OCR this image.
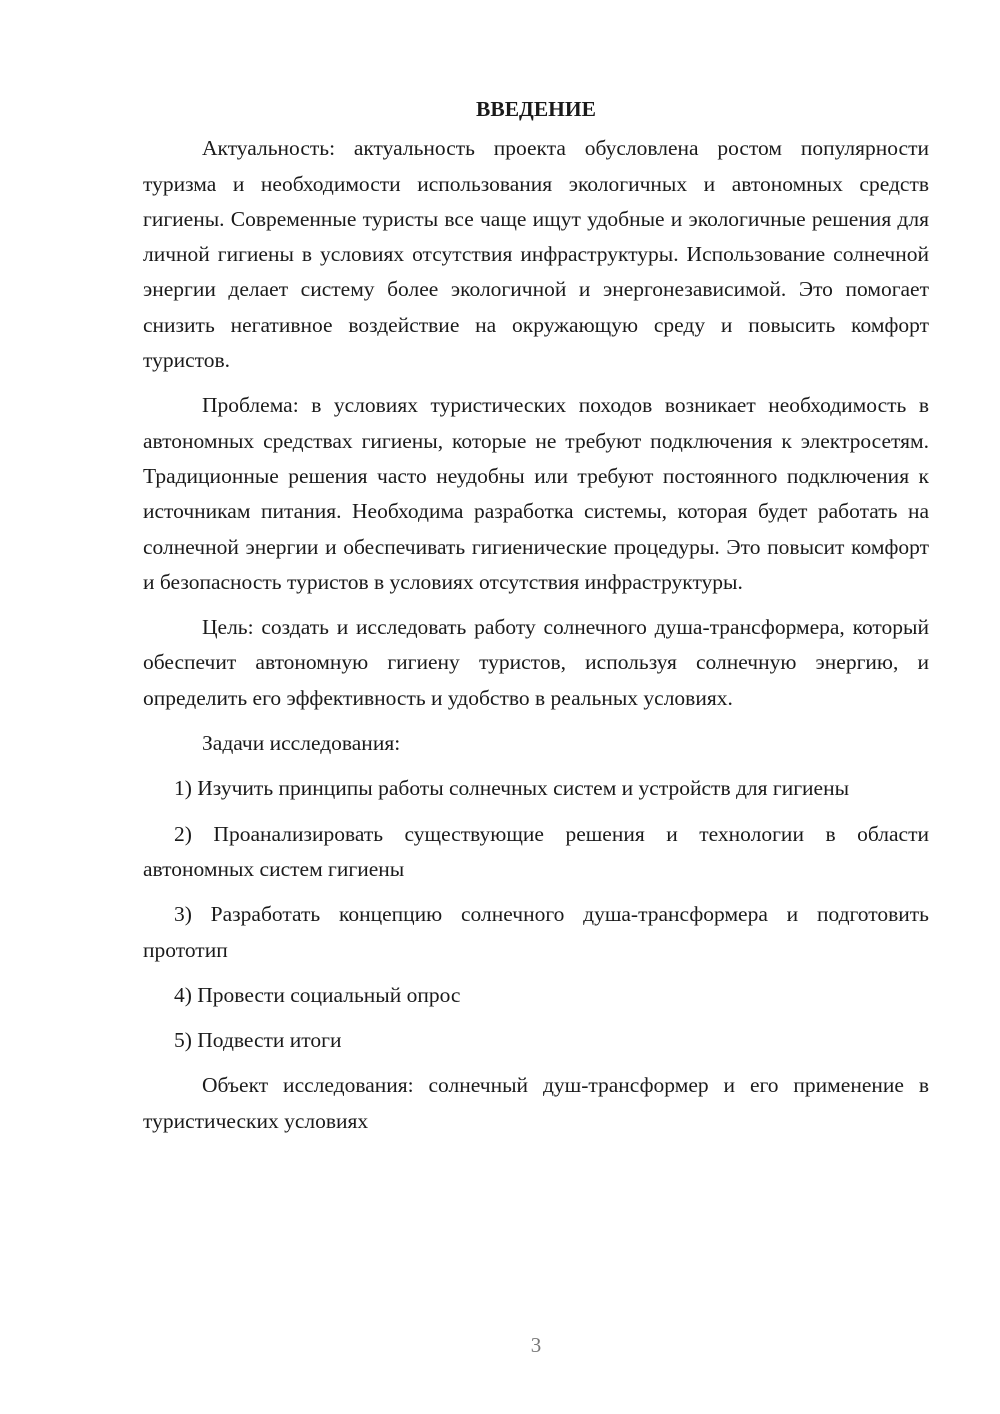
ВВЕДЕНИЕ

Актуальность: актуальность проекта обусловлена ростом популярности туризма и необходимости использования экологичных и автономных средств гигиены. Современные туристы все чаще ищут удобные и экологичные решения для личной гигиены в условиях отсутствия инфраструктуры. Использование солнечной энергии делает систему более экологичной и энергонезависимой. Это помогает снизить негативное воздействие на окружающую среду и повысить комфорт туристов.

Проблема: в условиях туристических походов возникает необходимость в автономных средствах гигиены, которые не требуют подключения к электросетям. Традиционные решения часто неудобны или требуют постоянного подключения к источникам питания. Необходима разработка системы, которая будет работать на солнечной энергии и обеспечивать гигиенические процедуры. Это повысит комфорт и безопасность туристов в условиях отсутствия инфраструктуры.

Цель: создать и исследовать работу солнечного душа-трансформера, который обеспечит автономную гигиену туристов, используя солнечную энергию, и определить его эффективность и удобство в реальных условиях.

Задачи исследования:

1) Изучить принципы работы солнечных систем и устройств для гигиены

2) Проанализировать существующие решения и технологии в области автономных систем гигиены

3) Разработать концепцию солнечного душа-трансформера и подготовить прототип

4) Провести социальный опрос

5) Подвести итоги

Объект исследования: солнечный душ-трансформер и его применение в туристических условиях

3
